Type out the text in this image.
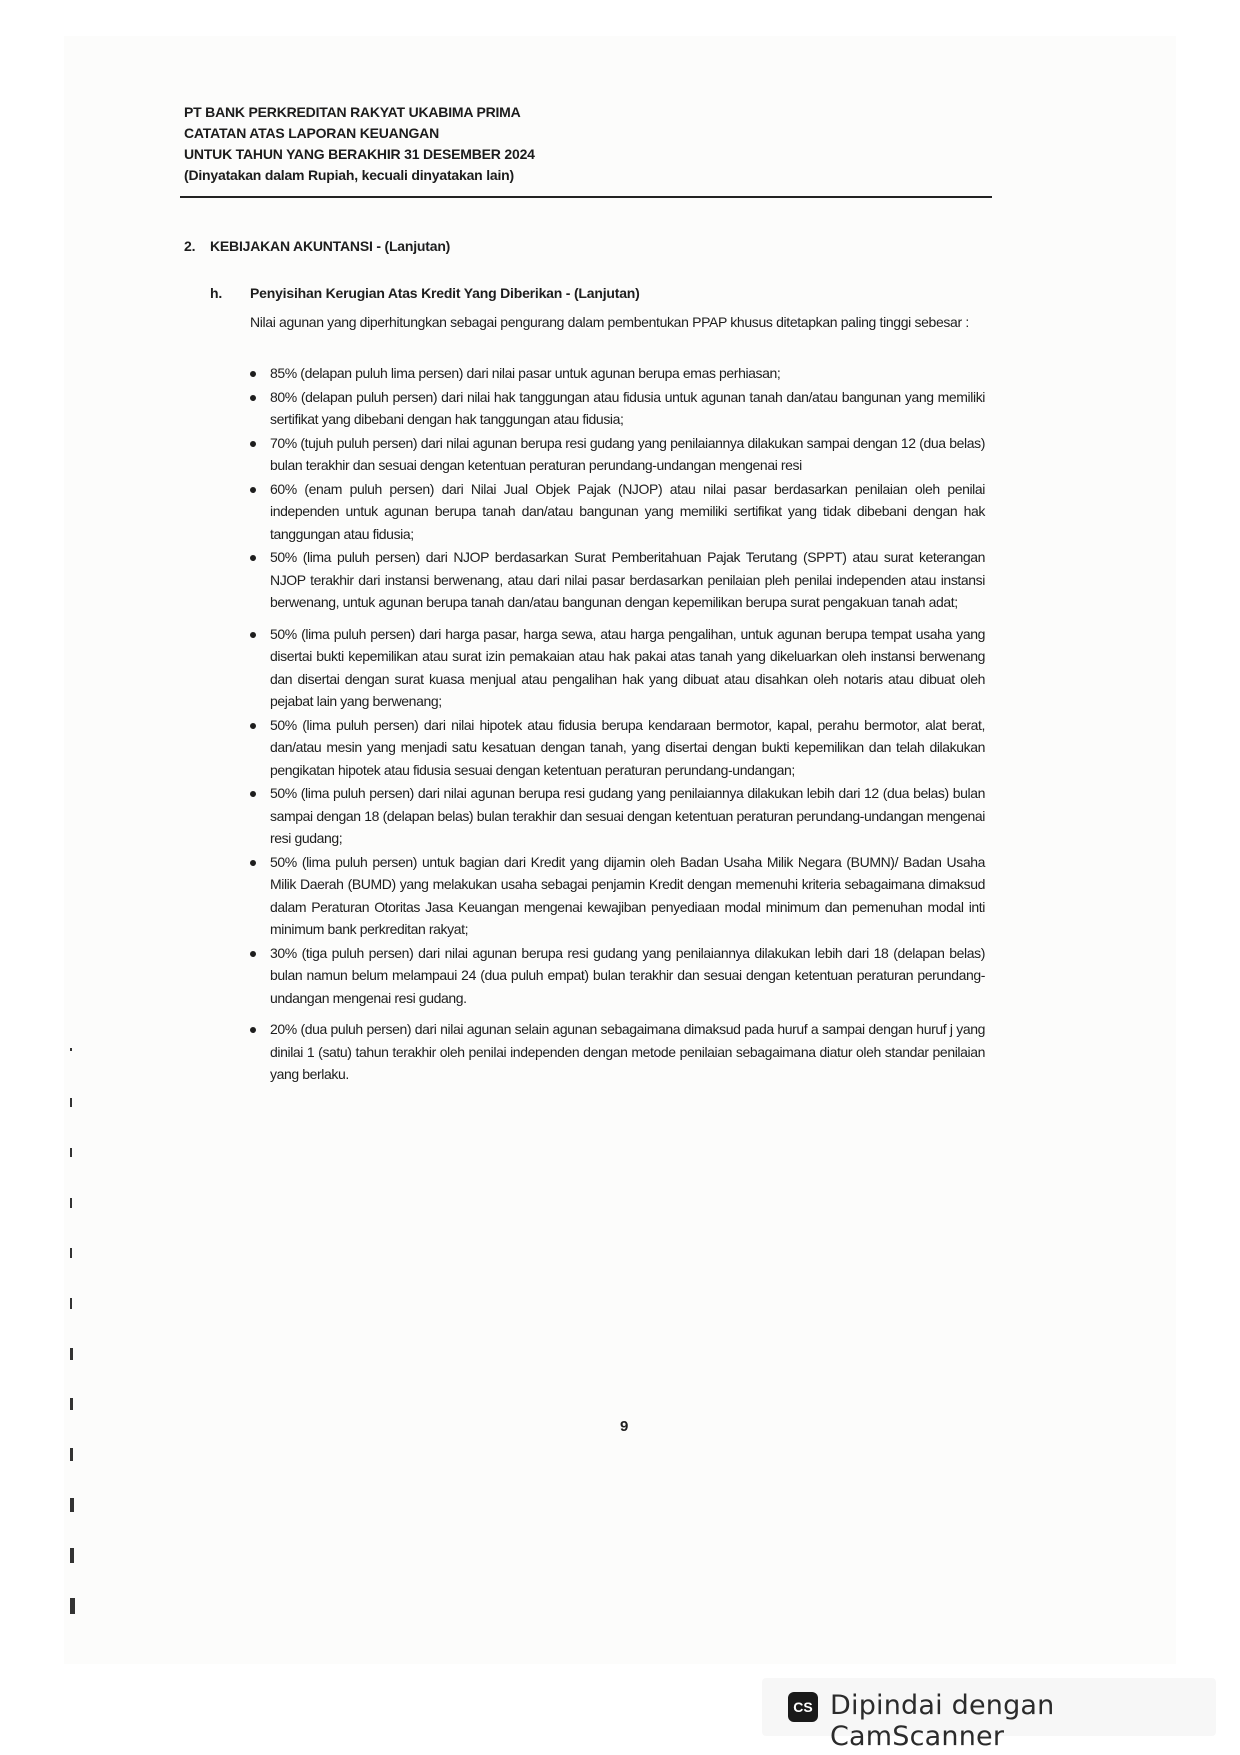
PT BANK PERKREDITAN RAKYAT UKABIMA PRIMA
CATATAN ATAS LAPORAN KEUANGAN
UNTUK TAHUN YANG BERAKHIR 31 DESEMBER 2024
(Dinyatakan dalam Rupiah, kecuali dinyatakan lain)
2. KEBIJAKAN AKUNTANSI - (Lanjutan)
h. Penyisihan Kerugian Atas Kredit Yang Diberikan - (Lanjutan)
Nilai agunan yang diperhitungkan sebagai pengurang dalam pembentukan PPAP khusus ditetapkan paling tinggi sebesar :
85% (delapan puluh lima persen) dari nilai pasar untuk agunan berupa emas perhiasan;
80% (delapan puluh persen) dari nilai hak tanggungan atau fidusia untuk agunan tanah dan/atau bangunan yang memiliki sertifikat yang dibebani dengan hak tanggungan atau fidusia;
70% (tujuh puluh persen) dari nilai agunan berupa resi gudang yang penilaiannya dilakukan sampai dengan 12 (dua belas) bulan terakhir dan sesuai dengan ketentuan peraturan perundang-undangan mengenai resi
60% (enam puluh persen) dari Nilai Jual Objek Pajak (NJOP) atau nilai pasar berdasarkan penilaian oleh penilai independen untuk agunan berupa tanah dan/atau bangunan yang memiliki sertifikat yang tidak dibebani dengan hak tanggungan atau fidusia;
50% (lima puluh persen) dari NJOP berdasarkan Surat Pemberitahuan Pajak Terutang (SPPT) atau surat keterangan NJOP terakhir dari instansi berwenang, atau dari nilai pasar berdasarkan penilaian pleh penilai independen atau instansi berwenang, untuk agunan berupa tanah dan/atau bangunan dengan kepemilikan berupa surat pengakuan tanah adat;
50% (lima puluh persen) dari harga pasar, harga sewa, atau harga pengalihan, untuk agunan berupa tempat usaha yang disertai bukti kepemilikan atau surat izin pemakaian atau hak pakai atas tanah yang dikeluarkan oleh instansi berwenang dan disertai dengan surat kuasa menjual atau pengalihan hak yang dibuat atau disahkan oleh notaris atau dibuat oleh pejabat lain yang berwenang;
50% (lima puluh persen) dari nilai hipotek atau fidusia berupa kendaraan bermotor, kapal, perahu bermotor, alat berat, dan/atau mesin yang menjadi satu kesatuan dengan tanah, yang disertai dengan bukti kepemilikan dan telah dilakukan pengikatan hipotek atau fidusia sesuai dengan ketentuan peraturan perundang-undangan;
50% (lima puluh persen) dari nilai agunan berupa resi gudang yang penilaiannya dilakukan lebih dari 12 (dua belas) bulan sampai dengan 18 (delapan belas) bulan terakhir dan sesuai dengan ketentuan peraturan perundang-undangan mengenai resi gudang;
50% (lima puluh persen) untuk bagian dari Kredit yang dijamin oleh Badan Usaha Milik Negara (BUMN)/ Badan Usaha Milik Daerah (BUMD) yang melakukan usaha sebagai penjamin Kredit dengan memenuhi kriteria sebagaimana dimaksud dalam Peraturan Otoritas Jasa Keuangan mengenai kewajiban penyediaan modal minimum dan pemenuhan modal inti minimum bank perkreditan rakyat;
30% (tiga puluh persen) dari nilai agunan berupa resi gudang yang penilaiannya dilakukan lebih dari 18 (delapan belas) bulan namun belum melampaui 24 (dua puluh empat) bulan terakhir dan sesuai dengan ketentuan peraturan perundang-undangan mengenai resi gudang.
20% (dua puluh persen) dari nilai agunan selain agunan sebagaimana dimaksud pada huruf a sampai dengan huruf j yang dinilai 1 (satu) tahun terakhir oleh penilai independen dengan metode penilaian sebagaimana diatur oleh standar penilaian yang berlaku.
9
CS Dipindai dengan CamScanner
